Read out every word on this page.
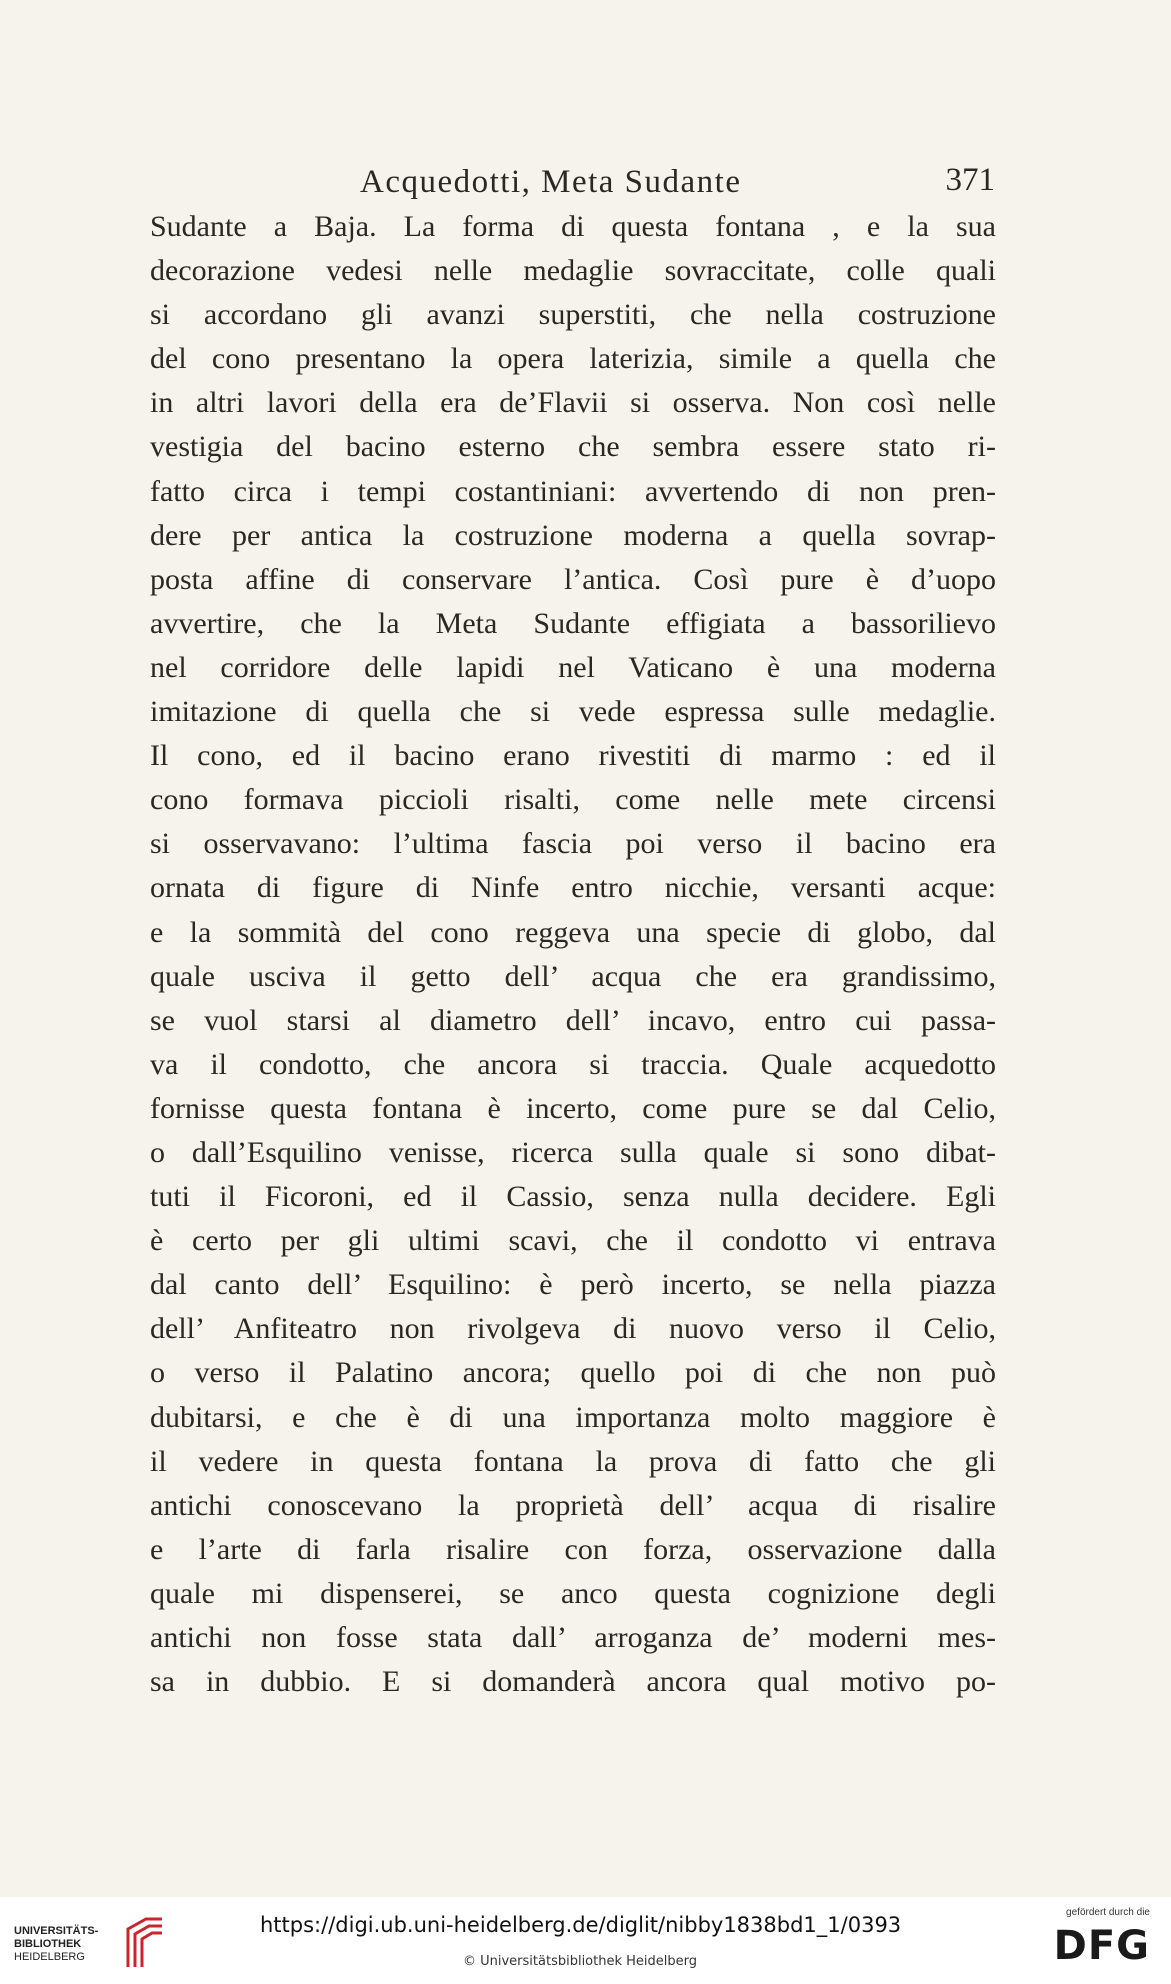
Acquedotti, Meta Sudante	371
Sudante a Baja. La forma di questa fontana , e la sua
decorazione vedesi nelle medaglie sovraccitate, colle quali
si accordano gli avanzi superstiti, che nella costruzione
del cono presentano la opera laterizia, simile a quella che
in altri lavori della era de’Flavii si osserva. Non così nelle
vestigia del bacino esterno che sembra essere stato ri-
fatto circa i tempi costantiniani: avvertendo di non pren-
dere per antica la costruzione moderna a quella sovrap-
posta affine di conservare l’antica. Così pure è d’uopo
avvertire, che la Meta Sudante effigiata a bassorilievo
nel corridore delle lapidi nel Vaticano è una moderna
imitazione di quella che si vede espressa sulle medaglie.
Il cono, ed il bacino erano rivestiti di marmo : ed il
cono formava piccioli risalti, come nelle mete circensi
si osservavano: l’ultima fascia poi verso il bacino era
ornata di figure di Ninfe entro nicchie, versanti acque:
e la sommità del cono reggeva una specie di globo, dal
quale usciva il getto dell’ acqua che era grandissimo,
se vuol starsi al diametro dell’ incavo, entro cui passa-
va il condotto, che ancora si traccia. Quale acquedotto
fornisse questa fontana è incerto, come pure se dal Celio,
o dall’Esquilino venisse, ricerca sulla quale si sono dibat-
tuti il Ficoroni, ed il Cassio, senza nulla decidere. Egli
è certo per gli ultimi scavi, che il condotto vi entrava
dal canto dell’ Esquilino: è però incerto, se nella piazza
dell’ Anfiteatro non rivolgeva di nuovo verso il Celio,
o verso il Palatino ancora; quello poi di che non può
dubitarsi, e che è di una importanza molto maggiore è
il vedere in questa fontana la prova di fatto che gli
antichi conoscevano la proprietà dell’ acqua di risalire
e l’arte di farla risalire con forza, osservazione dalla
quale mi dispenserei, se anco questa cognizione degli
antichi non fosse stata dall’ arroganza de’ moderni mes-
sa in dubbio. E si domanderà ancora qual motivo po-
UNIVERSITÄTS-
BIBLIOTHEK
HEIDELBERG
https://digi.ub.uni-heidelberg.de/diglit/nibby1838bd1_1/0393
© Universitätsbibliothek Heidelberg
gefördert durch die
DFG
